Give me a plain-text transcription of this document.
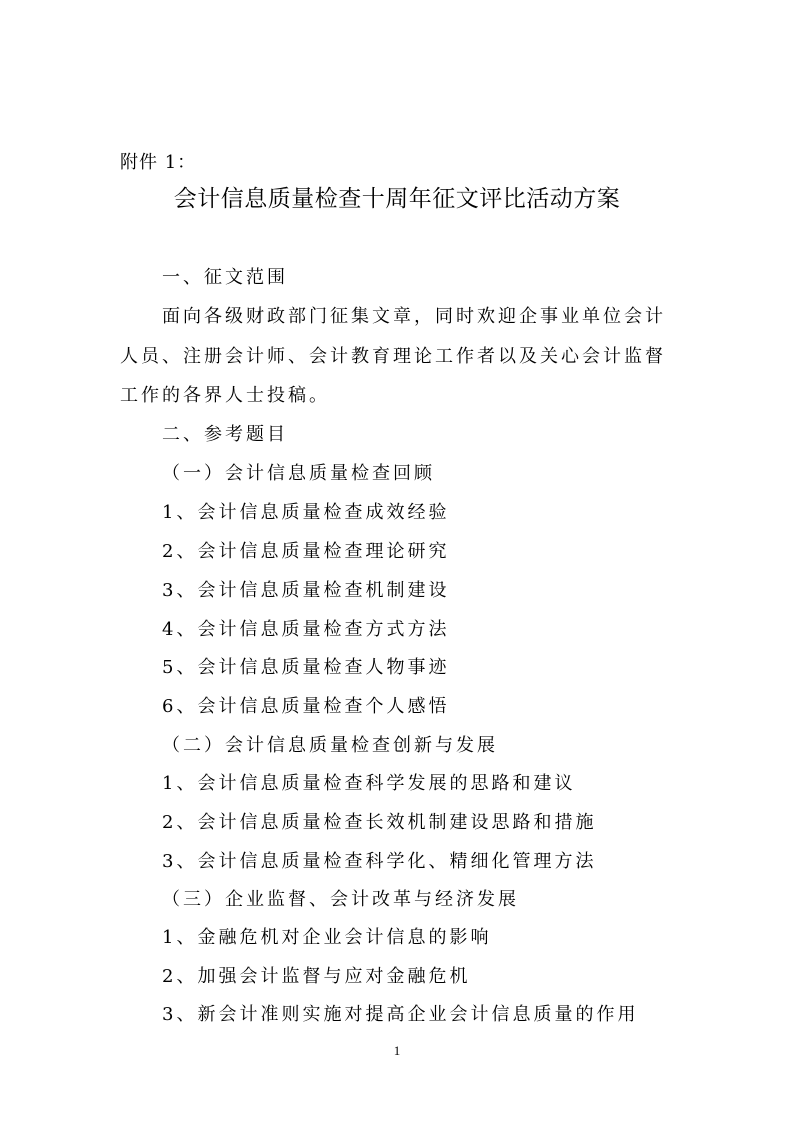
附件 1：
会计信息质量检查十周年征文评比活动方案
一、征文范围
面向各级财政部门征集文章，同时欢迎企事业单位会计
人员、注册会计师、会计教育理论工作者以及关心会计监督
工作的各界人士投稿。
二、参考题目
（一）会计信息质量检查回顾
1、会计信息质量检查成效经验
2、会计信息质量检查理论研究
3、会计信息质量检查机制建设
4、会计信息质量检查方式方法
5、会计信息质量检查人物事迹
6、会计信息质量检查个人感悟
（二）会计信息质量检查创新与发展
1、会计信息质量检查科学发展的思路和建议
2、会计信息质量检查长效机制建设思路和措施
3、会计信息质量检查科学化、精细化管理方法
（三）企业监督、会计改革与经济发展
1、金融危机对企业会计信息的影响
2、加强会计监督与应对金融危机
3、新会计准则实施对提高企业会计信息质量的作用
1
